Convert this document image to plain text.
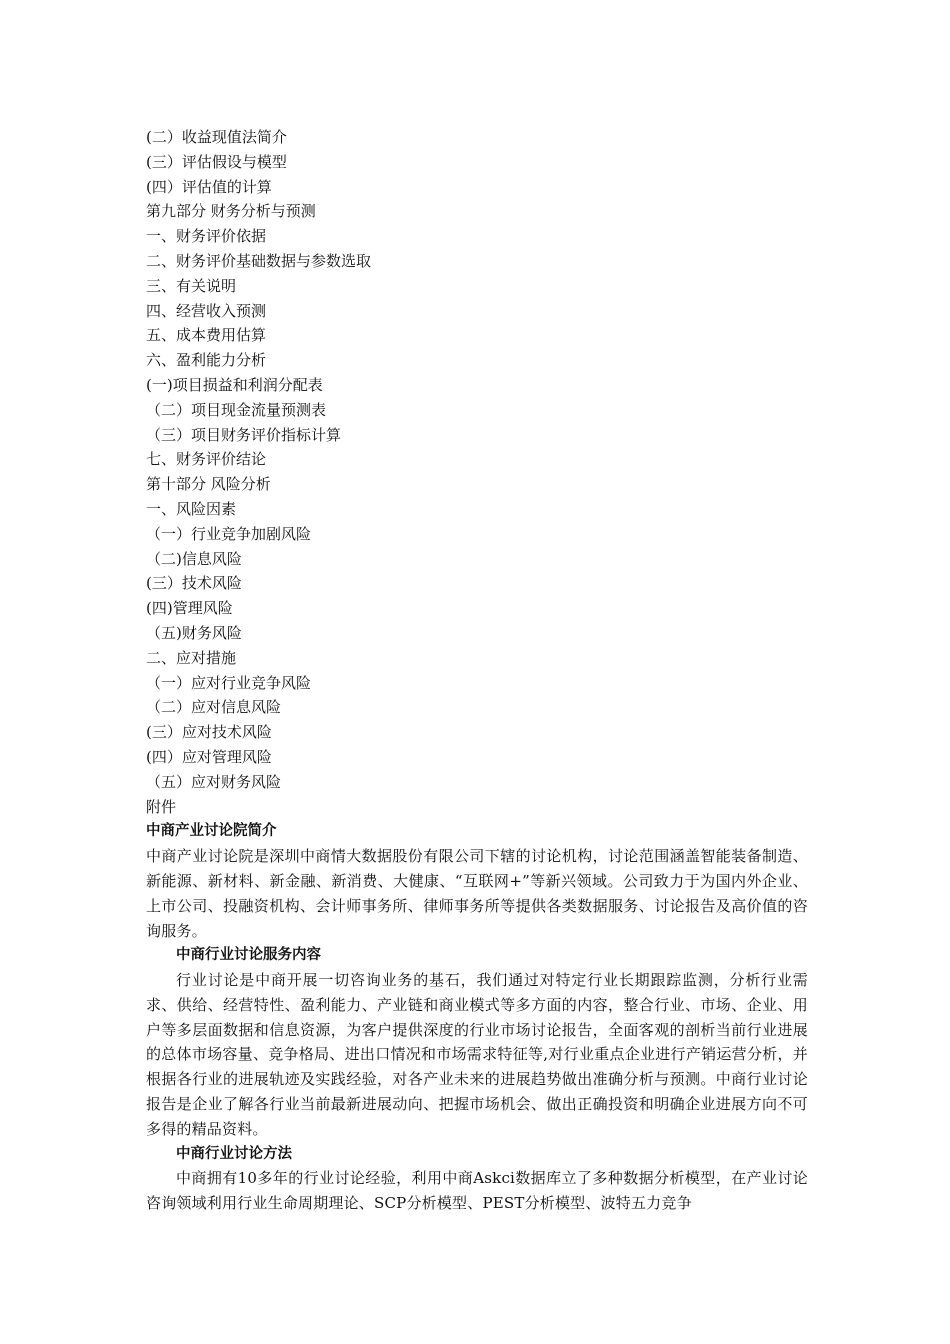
(二）收益现值法简介
(三）评估假设与模型
(四）评估值的计算
第九部分 财务分析与预测
一、财务评价依据
二、财务评价基础数据与参数选取
三、有关说明
四、经营收入预测
五、成本费用估算
六、盈利能力分析
(一)项目损益和利润分配表
（二）项目现金流量预测表
（三）项目财务评价指标计算
七、财务评价结论
第十部分 风险分析
一、风险因素
（一）行业竞争加剧风险
（二)信息风险
(三）技术风险
(四)管理风险
（五)财务风险
二、应对措施
（一）应对行业竞争风险
（二）应对信息风险
(三）应对技术风险
(四）应对管理风险
（五）应对财务风险
附件
中商产业讨论院简介
中商产业讨论院是深圳中商情大数据股份有限公司下辖的讨论机构，讨论范围涵盖智能装备制造、新能源、新材料、新金融、新消费、大健康、“互联网+”等新兴领域。公司致力于为国内外企业、上市公司、投融资机构、会计师事务所、律师事务所等提供各类数据服务、讨论报告及高价值的咨询服务。
中商行业讨论服务内容
行业讨论是中商开展一切咨询业务的基石，我们通过对特定行业长期跟踪监测，分析行业需求、供给、经营特性、盈利能力、产业链和商业模式等多方面的内容，整合行业、市场、企业、用户等多层面数据和信息资源，为客户提供深度的行业市场讨论报告，全面客观的剖析当前行业进展的总体市场容量、竞争格局、进出口情况和市场需求特征等,对行业重点企业进行产销运营分析，并根据各行业的进展轨迹及实践经验，对各产业未来的进展趋势做出准确分析与预测。中商行业讨论报告是企业了解各行业当前最新进展动向、把握市场机会、做出正确投资和明确企业进展方向不可多得的精品资料。
中商行业讨论方法
中商拥有10多年的行业讨论经验，利用中商Askci数据库立了多种数据分析模型，在产业讨论咨询领域利用行业生命周期理论、SCP分析模型、PEST分析模型、波特五力竞争
